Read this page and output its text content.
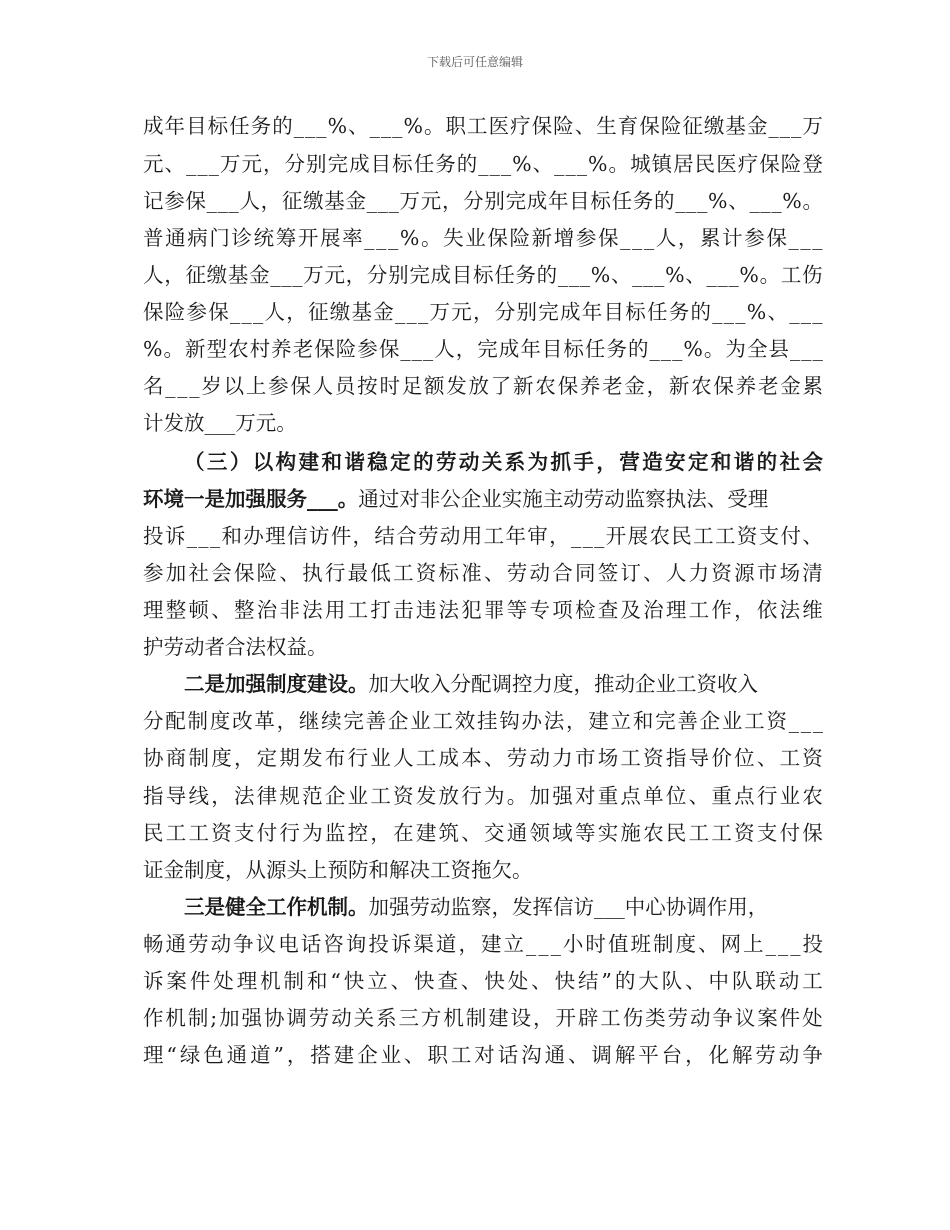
下载后可任意编辑
成 年 目 标 任 务 的 _ _ _ % 、 _ _ _ % 。 职 工 医 疗 保 险 、 生 育 保 险 征 缴 基 金 _ _ _ 万
元 、 _ _ _ 万 元 ， 分 别 完 成 目 标 任 务 的 _ _ _ % 、 _ _ _ % 。 城 镇 居 民 医 疗 保 险 登
记 参 保 _ _ _ 人 ， 征 缴 基 金 _ _ _ 万 元 ， 分 别 完 成 年 目 标 任 务 的 _ _ _ % 、 _ _ _ % 。
普 通 病 门 诊 统 筹 开 展 率 _ _ _ % 。 失 业 保 险 新 增 参 保 _ _ _ 人 ， 累 计 参 保 _ _ _
人 ， 征 缴 基 金 _ _ _ 万 元 ， 分 别 完 成 目 标 任 务 的 _ _ _ % 、 _ _ _ % 、 _ _ _ % 。 工 伤
保 险 参 保 _ _ _ 人 ， 征 缴 基 金 _ _ _ 万 元 ， 分 别 完 成 年 目 标 任 务 的 _ _ _ % 、 _ _ _
% 。 新 型 农 村 养 老 保 险 参 保 _ _ _ 人 ， 完 成 年 目 标 任 务 的 _ _ _ % 。 为 全 县 _ _ _
名 _ _ _ 岁 以 上 参 保 人 员 按 时 足 额 发 放 了 新 农 保 养 老 金 ， 新 农 保 养 老 金 累
计发放___万元。
（ 三 ） 以 构 建 和 谐 稳 定 的 劳 动 关 系 为 抓 手 ， 营 造 安 定 和 谐 的 社 会
环境一是加强服务___。通过对非公企业实施主动劳动监察执法、受理
投 诉 _ _ _ 和 办 理 信 访 件 ， 结 合 劳 动 用 工 年 审 ， _ _ _ 开 展 农 民 工 工 资 支 付 、
参 加 社 会 保 险 、 执 行 最 低 工 资 标 准 、 劳 动 合 同 签 订 、 人 力 资 源 市 场 清
理 整 顿 、 整 治 非 法 用 工 打 击 违 法 犯 罪 等 专 项 检 查 及 治 理 工 作 ， 依 法 维
护劳动者合法权益。
二是加强制度建设。加大收入分配调控力度，推动企业工资收入
分 配 制 度 改 革 ， 继 续 完 善 企 业 工 效 挂 钩 办 法 ， 建 立 和 完 善 企 业 工 资 _ _ _
协 商 制 度 ， 定 期 发 布 行 业 人 工 成 本 、 劳 动 力 市 场 工 资 指 导 价 位 、 工 资
指 导 线 ， 法 律 规 范 企 业 工 资 发 放 行 为 。 加 强 对 重 点 单 位 、 重 点 行 业 农
民 工 工 资 支 付 行 为 监 控 ， 在 建 筑 、 交 通 领 域 等 实 施 农 民 工 工 资 支 付 保
证金制度，从源头上预防和解决工资拖欠。
三是健全工作机制。加强劳动监察，发挥信访___中心协调作用，
畅 通 劳 动 争 议 电 话 咨 询 投 诉 渠 道 ， 建 立 _ _ _ 小 时 值 班 制 度 、 网 上 _ _ _ 投
诉 案 件 处 理 机 制 和 “ 快 立 、 快 查 、 快 处 、 快 结 ” 的 大 队 、 中 队 联 动 工
作 机 制 ; 加 强 协 调 劳 动 关 系 三 方 机 制 建 设 ， 开 辟 工 伤 类 劳 动 争 议 案 件 处
理 “ 绿 色 通 道 ” ， 搭 建 企 业 、 职 工 对 话 沟 通 、 调 解 平 台 ， 化 解 劳 动 争
